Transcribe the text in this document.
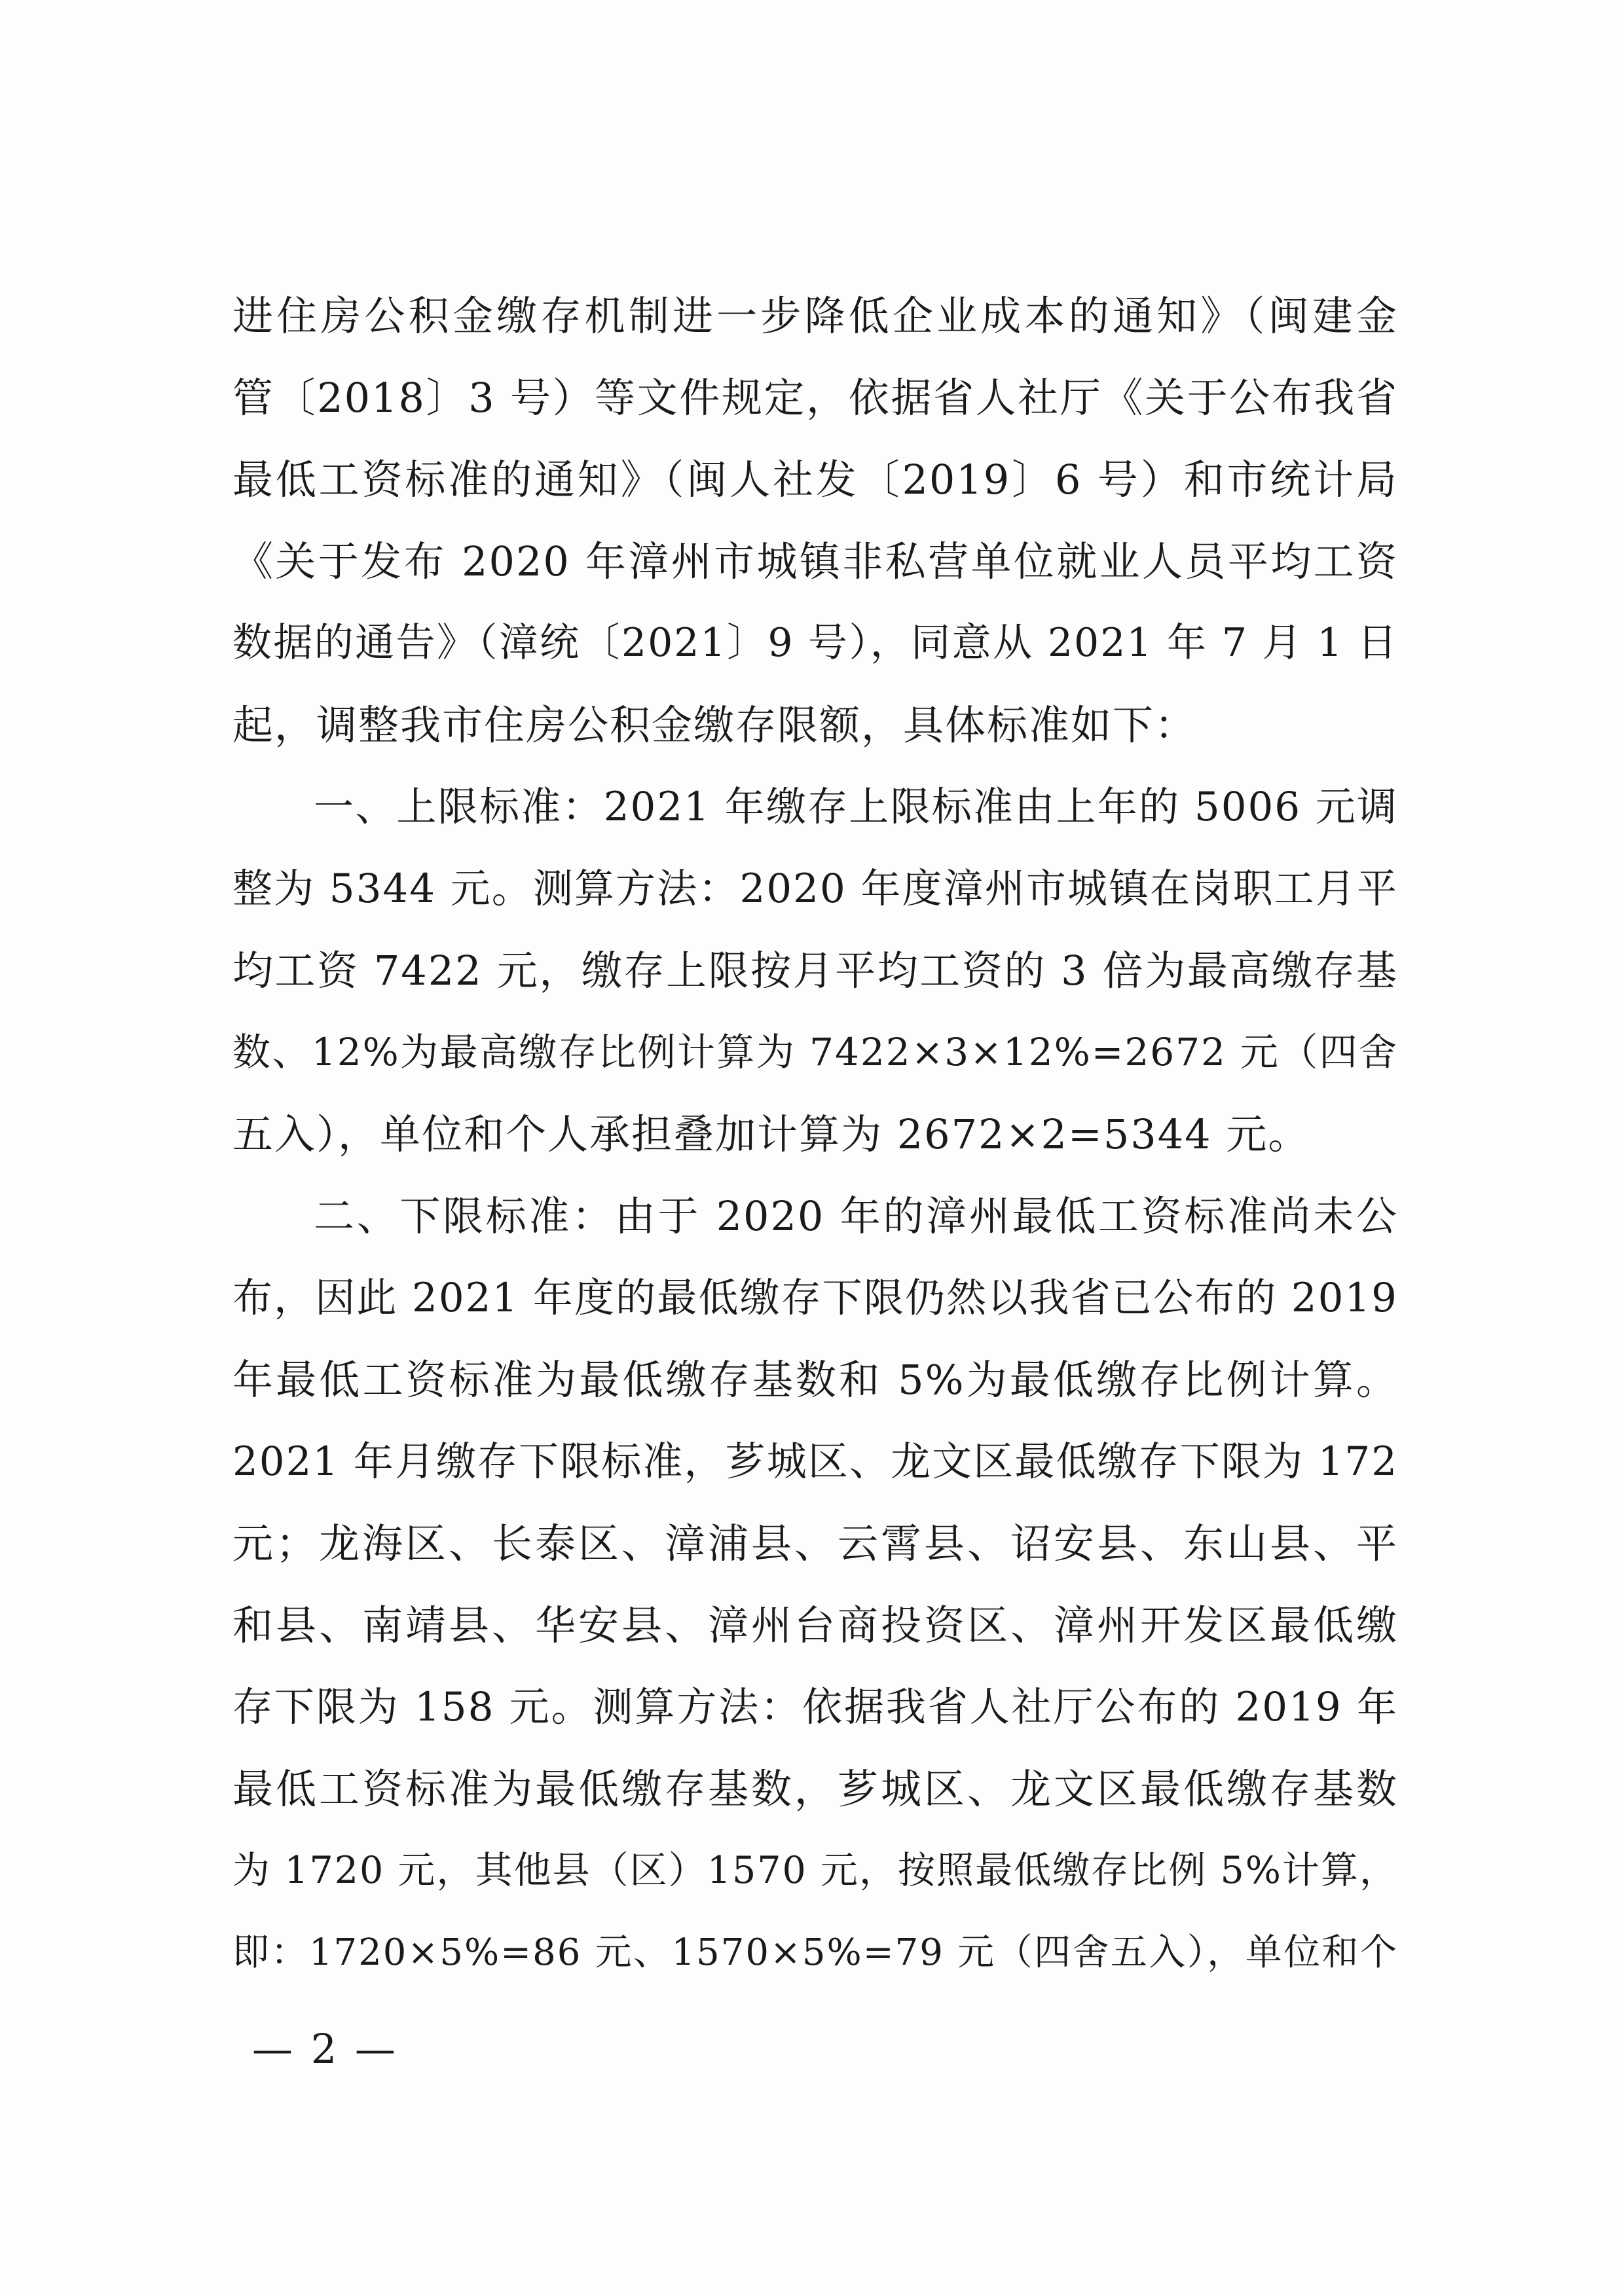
进住房公积金缴存机制进一步降低企业成本的通知》（闽建金
管〔2018〕3 号）等文件规定，依据省人社厅《关于公布我省
最低工资标准的通知》（闽人社发〔2019〕6 号）和市统计局
《关于发布 2020 年漳州市城镇非私营单位就业人员平均工资
数据的通告》（漳统〔2021〕9 号），同意从 2021 年 7 月 1 日
起，调整我市住房公积金缴存限额，具体标准如下：
一、上限标准：2021 年缴存上限标准由上年的 5006 元调
整为 5344 元。测算方法：2020 年度漳州市城镇在岗职工月平
均工资 7422 元，缴存上限按月平均工资的 3 倍为最高缴存基
数、12%为最高缴存比例计算为 7422×3×12%=2672 元（四舍
五入），单位和个人承担叠加计算为 2672×2=5344 元。
二、下限标准：由于 2020 年的漳州最低工资标准尚未公
布，因此 2021 年度的最低缴存下限仍然以我省已公布的 2019
年最低工资标准为最低缴存基数和 5%为最低缴存比例计算。
2021 年月缴存下限标准，芗城区、龙文区最低缴存下限为 172
元；龙海区、长泰区、漳浦县、云霄县、诏安县、东山县、平
和县、南靖县、华安县、漳州台商投资区、漳州开发区最低缴
存下限为 158 元。测算方法：依据我省人社厅公布的 2019 年
最低工资标准为最低缴存基数，芗城区、龙文区最低缴存基数
为 1720 元，其他县（区）1570 元，按照最低缴存比例 5%计算，
即：1720×5%=86 元、1570×5%=79 元（四舍五入），单位和个
— 2 —
